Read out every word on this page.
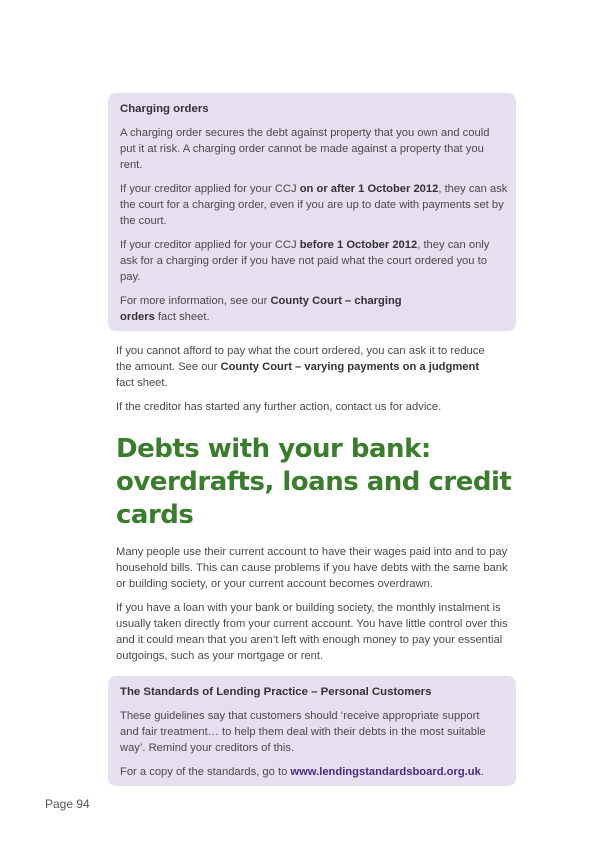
Charging orders

A charging order secures the debt against property that you own and could put it at risk. A charging order cannot be made against a property that you rent.

If your creditor applied for your CCJ on or after 1 October 2012, they can ask the court for a charging order, even if you are up to date with payments set by the court.

If your creditor applied for your CCJ before 1 October 2012, they can only ask for a charging order if you have not paid what the court ordered you to pay.

For more information, see our County Court – charging orders fact sheet.

If you cannot afford to pay what the court ordered, you can ask it to reduce the amount. See our County Court – varying payments on a judgment fact sheet.

If the creditor has started any further action, contact us for advice.

Debts with your bank: overdrafts, loans and credit cards

Many people use their current account to have their wages paid into and to pay household bills. This can cause problems if you have debts with the same bank or building society, or your current account becomes overdrawn.

If you have a loan with your bank or building society, the monthly instalment is usually taken directly from your current account. You have little control over this and it could mean that you aren’t left with enough money to pay your essential outgoings, such as your mortgage or rent.

The Standards of Lending Practice – Personal Customers

These guidelines say that customers should ‘receive appropriate support and fair treatment… to help them deal with their debts in the most suitable way’. Remind your creditors of this.

For a copy of the standards, go to www.lendingstandardsboard.org.uk.

Page 94
